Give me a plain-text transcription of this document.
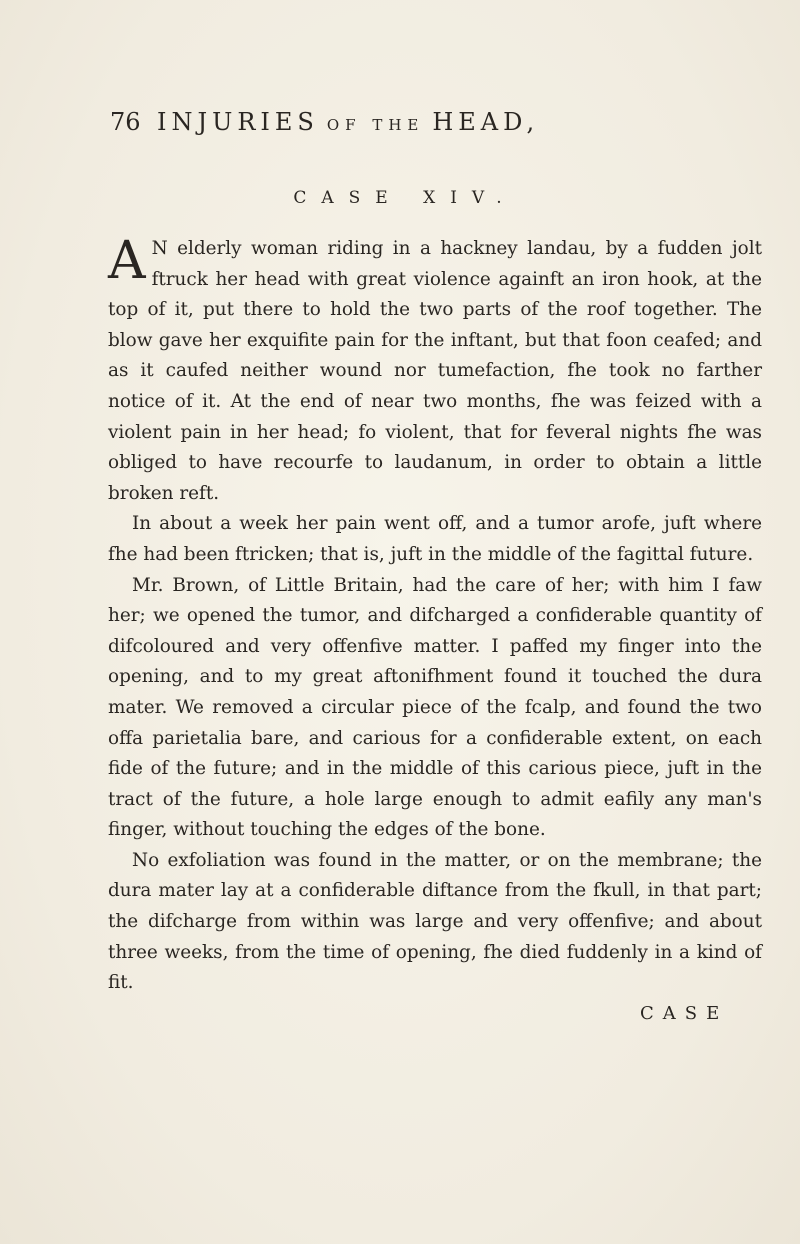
76 INJURIES OF THE HEAD,
CASE XIV.

A N elderly woman riding in a hackney landau, by a fudden jolt ftruck her head with great violence againft an iron hook, at the top of it, put there to hold the two parts of the roof together. The blow gave her exquifite pain for the inftant, but that foon ceafed; and as it caufed neither wound nor tumefaction, fhe took no farther notice of it. At the end of near two months, fhe was feized with a violent pain in her head; fo violent, that for feveral nights fhe was obliged to have recourfe to laudanum, in order to obtain a little broken reft.

In about a week her pain went off, and a tumor arofe, juft where fhe had been ftricken; that is, juft in the middle of the fagittal future.

Mr. Brown, of Little Britain, had the care of her; with him I faw her; we opened the tumor, and difcharged a confiderable quantity of difcoloured and very offenfive matter. I paffed my finger into the opening, and to my great aftonifhment found it touched the dura mater. We removed a circular piece of the fcalp, and found the two offa parietalia bare, and carious for a confiderable extent, on each fide of the future; and in the middle of this carious piece, juft in the tract of the future, a hole large enough to admit eafily any man's finger, without touching the edges of the bone.

No exfoliation was found in the matter, or on the membrane; the dura mater lay at a confiderable diftance from the fkull, in that part; the difcharge from within was large and very offenfive; and about three weeks, from the time of opening, fhe died fuddenly in a kind of fit.

CASE
